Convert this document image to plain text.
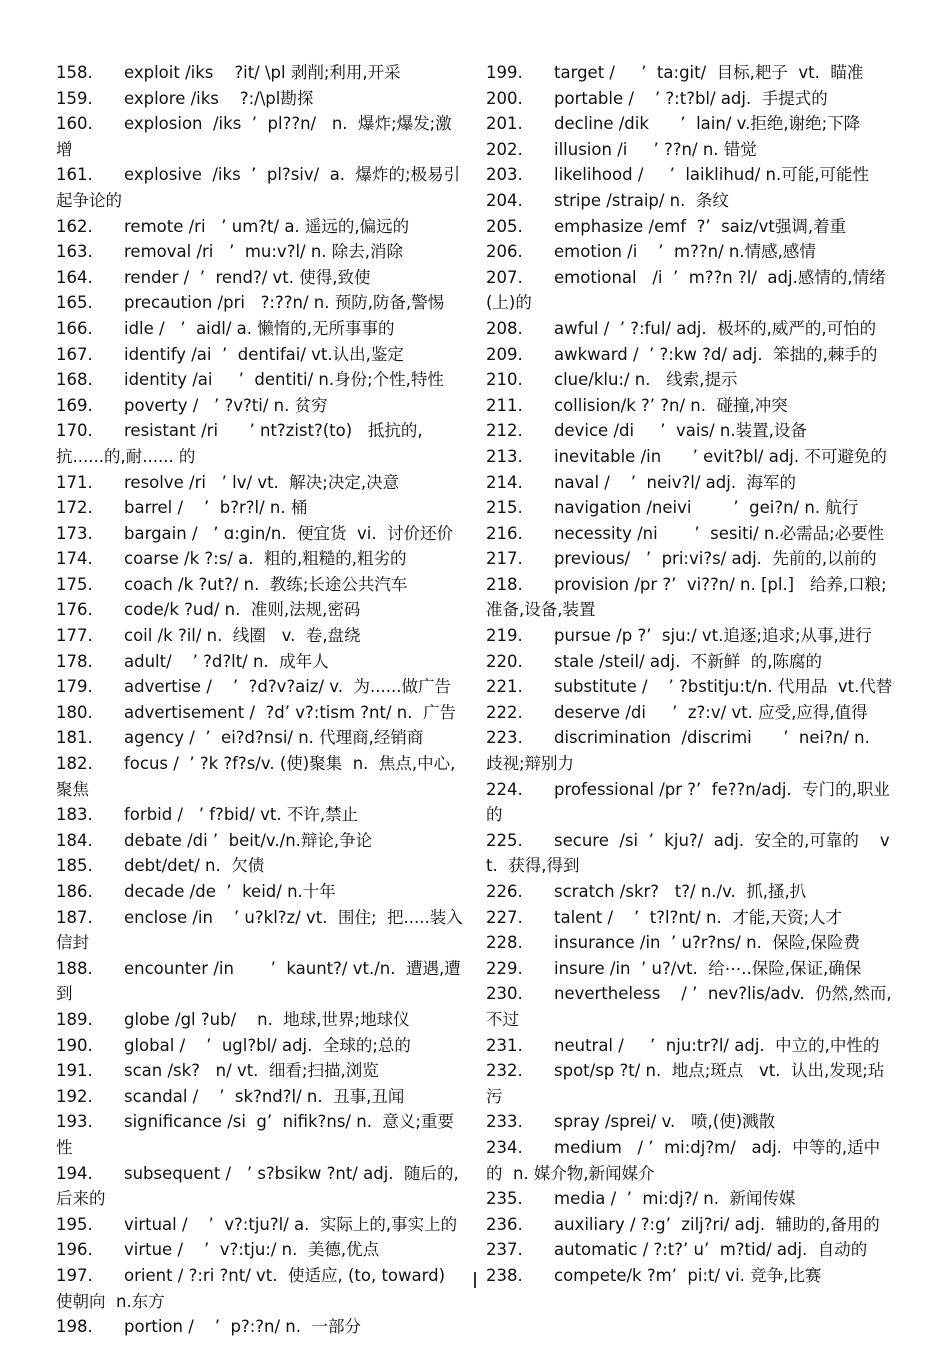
158. exploit /iks    ?it/ \pl 剥削;利用,开采
159. explore /iks    ?:/\pl勘探
160. explosion  /iks  ’  pl??n/   n.  爆炸;爆发;激增
161. explosive  /iks  ’  pl?siv/  a.  爆炸的;极易引起争论的
162. remote /ri   ’ um?t/ a. 遥远的,偏远的
163. removal /ri   ’  mu:v?l/ n. 除去,消除
164. render /  ’  rend?/ vt. 使得,致使
165. precaution /pri   ?:??n/ n. 预防,防备,警惕
166. idle /   ’  aidl/ a. 懒惰的,无所事事的
167. identify /ai  ’  dentifai/ vt.认出,鉴定
168. identity /ai     ’  dentiti/ n.身份;个性,特性
169. poverty /   ’ ?v?ti/ n. 贫穷
170. resistant /ri      ’ nt?zist?(to)   抵抗的,抗......的,耐...... 的
171. resolve /ri   ’ lv/ vt.  解决;决定,决意
172. barrel /    ’  b?r?l/ n. 桶
173. bargain /   ’ ɑ:gin/n.  便宜货  vi.  讨价还价
174. coarse /k ?:s/ a.  粗的,粗糙的,粗劣的
175. coach /k ?ut?/ n.  教练;长途公共汽车
176. code/k ?ud/ n.  准则,法规,密码
177. coil /k ?il/ n.  线圈   v.  卷,盘绕
178. adult/    ’ ?d?lt/ n.  成年人
179. advertise /    ’  ?d?v?aiz/ v.  为......做广告
180. advertisement /  ?d’ v?:tism ?nt/ n.  广告
181. agency /  ’  ei?d?nsi/ n. 代理商,经销商
182. focus /  ’ ?k ?f?s/v. (使)聚集  n.  焦点,中心,聚焦
183. forbid /   ’ f?bid/ vt. 不许,禁止
184. debate /di ’  beit/v./n.辩论,争论
185. debt/det/ n.  欠债
186. decade /de  ’  keid/ n.十年
187. enclose /in    ’ u?kl?z/ vt.  围住;  把.....装入信封
188. encounter /in       ’  kaunt?/ vt./n.  遭遇,遭到
189. globe /gl ?ub/    n.  地球,世界;地球仪
190. global /    ’  ugl?bl/ adj.  全球的;总的
191. scan /sk?   n/ vt.  细看;扫描,浏览
192. scandal /    ’  sk?nd?l/ n.  丑事,丑闻
193. significance /si  g’  nifik?ns/ n.  意义;重要性
194. subsequent /   ’ s?bsikw ?nt/ adj.  随后的,后来的
195. virtual /    ’  v?:tju?l/ a.  实际上的,事实上的
196. virtue /    ’  v?:tju:/ n.  美德,优点
197. orient / ?:ri ?nt/ vt.  使适应, (to, toward)  使朝向  n.东方
198. portion /    ’  p?:?n/ n.  一部分
199. target /     ’  ta:git/  目标,耙子  vt.  瞄准
200. portable /    ’ ?:t?bl/ adj.  手提式的
201. decline /dik      ’  lain/ v.拒绝,谢绝;下降
202. illusion /i     ’ ??n/ n. 错觉
203. likelihood /     ’  laiklihud/ n.可能,可能性
204. stripe /straip/ n.  条纹
205. emphasize /emf  ?’  saiz/vt强调,着重
206. emotion /i    ’  m??n/ n.情感,感情
207. emotional   /i  ’  m??n ?l/  adj.感情的,情绪(上)的
208. awful /  ’ ?:ful/ adj.  极坏的,威严的,可怕的
209. awkward /  ’ ?:kw ?d/ adj.  笨拙的,棘手的
210. clue/klu:/ n.   线索,提示
211. collision/k ?’ ?n/ n.  碰撞,冲突
212. device /di     ’  vais/ n.装置,设备
213. inevitable /in      ’ evit?bl/ adj. 不可避免的
214. naval /    ’  neiv?l/ adj.  海军的
215. navigation /neivi        ’  gei?n/ n. 航行
216. necessity /ni       ’  sesiti/ n.必需品;必要性
217. previous/   ’  pri:vi?s/ adj.  先前的,以前的
218. provision /pr ?’  vi??n/ n. [pl.]   给养,口粮;准备,设备,装置
219. pursue /p ?’  sju:/ vt.追逐;追求;从事,进行
220. stale /steil/ adj.  不新鲜  的,陈腐的
221. substitute /    ’ ?bstitju:t/n. 代用品  vt.代替
222. deserve /di     ’  z?:v/ vt. 应受,应得,值得
223. discrimination  /discrimi      ’  nei?n/ n.  歧视;辩别力
224. professional /pr ?’  fe??n/adj.  专门的,职业的
225. secure  /si  ’  kju?/  adj.  安全的,可靠的    vt.  获得,得到
226. scratch /skr?   t?/ n./v.  抓,搔,扒
227. talent /    ’  t?l?nt/ n.  才能,天资;人才
228. insurance /in  ’ u?r?ns/ n.  保险,保险费
229. insure /in  ’ u?/vt.  给⋯..保险,保证,确保
230. nevertheless    / ’  nev?lis/adv.  仍然,然而,不过
231. neutral /     ’  nju:tr?l/ adj.  中立的,中性的
232. spot/sp ?t/ n.  地点;斑点   vt.  认出,发现;玷污
233. spray /sprei/ v.   喷,(使)溅散
234. medium   / ’  mi:dj?m/   adj.  中等的,适中的  n. 媒介物,新闻媒介
235. media /  ’  mi:dj?/ n.  新闻传媒
236. auxiliary / ?:g’  zilj?ri/ adj.  辅助的,备用的
237. automatic / ?:t?’ u’  m?tid/ adj.  自动的
238. compete/k ?m’  pi:t/ vi. 竞争,比赛
